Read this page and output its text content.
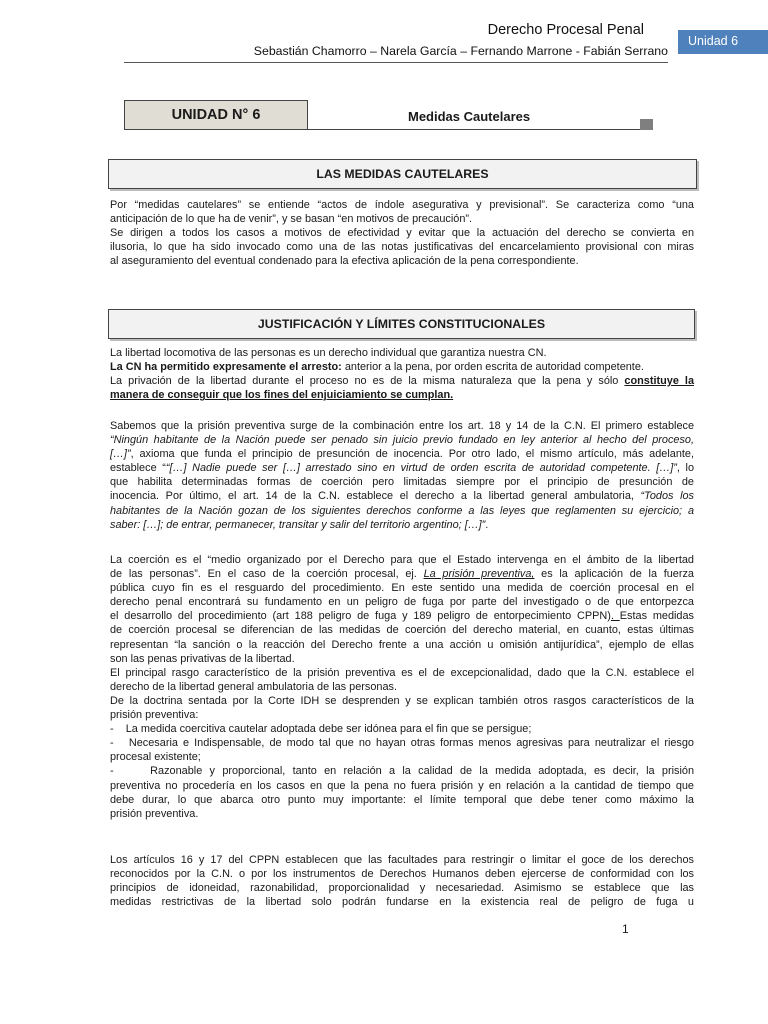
Derecho Procesal Penal
Sebastián Chamorro – Narela García – Fernando Marrone - Fabián Serrano
Unidad 6
UNIDAD N° 6	Medidas Cautelares
LAS MEDIDAS CAUTELARES
Por “medidas cautelares” se entiende “actos de índole asegurativa y previsional”. Se caracteriza como “una
anticipación de lo que ha de venir”, y se basan “en motivos de precaución”.
Se dirigen a todos los casos a motivos de efectividad y evitar que la actuación del derecho se convierta en
ilusoria, lo que ha sido invocado como una de las notas justificativas del encarcelamiento provisional con miras
al aseguramiento del eventual condenado para la efectiva aplicación de la pena correspondiente.
JUSTIFICACIÓN Y LÍMITES CONSTITUCIONALES
La libertad locomotiva de las personas es un derecho individual que garantiza nuestra CN.
La CN ha permitido expresamente el arresto: anterior a la pena, por orden escrita de autoridad competente.
La privación de la libertad durante el proceso no es de la misma naturaleza que la pena y sólo constituye la
manera de conseguir que los fines del enjuiciamiento se cumplan.
Sabemos que la prisión preventiva surge de la combinación entre los art. 18 y 14 de la C.N. El primero establece
“Ningún habitante de la Nación puede ser penado sin juicio previo fundado en ley anterior al hecho del proceso,
[…]”, axioma que funda el principio de presunción de inocencia. Por otro lado, el mismo artículo, más adelante,
establece ““[…] Nadie puede ser […] arrestado sino en virtud de orden escrita de autoridad competente. […]”, lo
que habilita determinadas formas de coerción pero limitadas siempre por el principio de presunción de
inocencia. Por último, el art. 14 de la C.N. establece el derecho a la libertad general ambulatoria, “Todos los
habitantes de la Nación gozan de los siguientes derechos conforme a las leyes que reglamenten su ejercicio; a
saber: […]; de entrar, permanecer, transitar y salir del territorio argentino; […]”.
La coerción es el “medio organizado por el Derecho para que el Estado intervenga en el ámbito de la libertad
de las personas”. En el caso de la coerción procesal, ej. La prisión preventiva, es la aplicación de la fuerza
pública cuyo fin es el resguardo del procedimiento. En este sentido una medida de coerción procesal en el
derecho penal encontrará su fundamento en un peligro de fuga por parte del investigado o de que entorpezca
el desarrollo del procedimiento (art 188 peligro de fuga y 189 peligro de entorpecimiento CPPN). Estas medidas
de coerción procesal se diferencian de las medidas de coerción del derecho material, en cuanto, estas últimas
representan “la sanción o la reacción del Derecho frente a una acción u omisión antijurídica”, ejemplo de ellas
son las penas privativas de la libertad.
El principal rasgo característico de la prisión preventiva es el de excepcionalidad, dado que la C.N. establece el
derecho de la libertad general ambulatoria de las personas.
De la doctrina sentada por la Corte IDH se desprenden y se explican también otros rasgos característicos de la
prisión preventiva:
-    La medida coercitiva cautelar adoptada debe ser idónea para el fin que se persigue;
-   Necesaria e Indispensable, de modo tal que no hayan otras formas menos agresivas para neutralizar el riesgo
procesal existente;
-     Razonable y proporcional, tanto en relación a la calidad de la medida adoptada, es decir, la prisión
preventiva no procedería en los casos en que la pena no fuera prisión y en relación a la cantidad de tiempo que
debe durar, lo que abarca otro punto muy importante: el límite temporal que debe tener como máximo la
prisión preventiva.
Los artículos 16 y 17 del CPPN establecen que las facultades para restringir o limitar el goce de los derechos
reconocidos por la C.N. o por los instrumentos de Derechos Humanos deben ejercerse de conformidad con los
principios de idoneidad, razonabilidad, proporcionalidad y necesariedad. Asimismo se establece que las
medidas restrictivas de la libertad solo podrán fundarse en la existencia real de peligro de fuga u
1
